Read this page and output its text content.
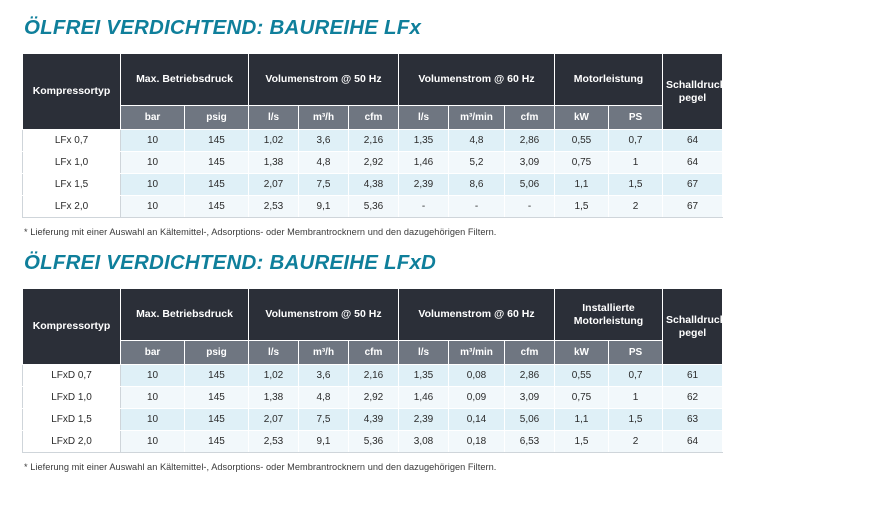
ÖLFREI VERDICHTEND: BAUREIHE LFx
Kompressortyp	Max. Betriebsdruck		Volumenstrom @ 50 Hz			Volumenstrom @ 60 Hz			Motorleistung		Schalldruck-pegel
	bar	psig	l/s	m³/h	cfm	l/s	m³/min	cfm	kW	PS	
LFx 0,7	10	145	1,02	3,6	2,16	1,35	4,8	2,86	0,55	0,7	64
LFx 1,0	10	145	1,38	4,8	2,92	1,46	5,2	3,09	0,75	1	64
LFx 1,5	10	145	2,07	7,5	4,38	2,39	8,6	5,06	1,1	1,5	67
LFx 2,0	10	145	2,53	9,1	5,36	-	-	-	1,5	2	67

* Lieferung mit einer Auswahl an Kältemittel-, Adsorptions- oder Membrantrocknern und den dazugehörigen Filtern.

ÖLFREI VERDICHTEND: BAUREIHE LFxD
Kompressortyp	Max. Betriebsdruck		Volumenstrom @ 50 Hz			Volumenstrom @ 60 Hz			Installierte Motorleistung		Schalldruck-pegel
	bar	psig	l/s	m³/h	cfm	l/s	m³/min	cfm	kW	PS	
LFxD 0,7	10	145	1,02	3,6	2,16	1,35	0,08	2,86	0,55	0,7	61
LFxD 1,0	10	145	1,38	4,8	2,92	1,46	0,09	3,09	0,75	1	62
LFxD 1,5	10	145	2,07	7,5	4,39	2,39	0,14	5,06	1,1	1,5	63
LFxD 2,0	10	145	2,53	9,1	5,36	3,08	0,18	6,53	1,5	2	64

* Lieferung mit einer Auswahl an Kältemittel-, Adsorptions- oder Membrantrocknern und den dazugehörigen Filtern.
